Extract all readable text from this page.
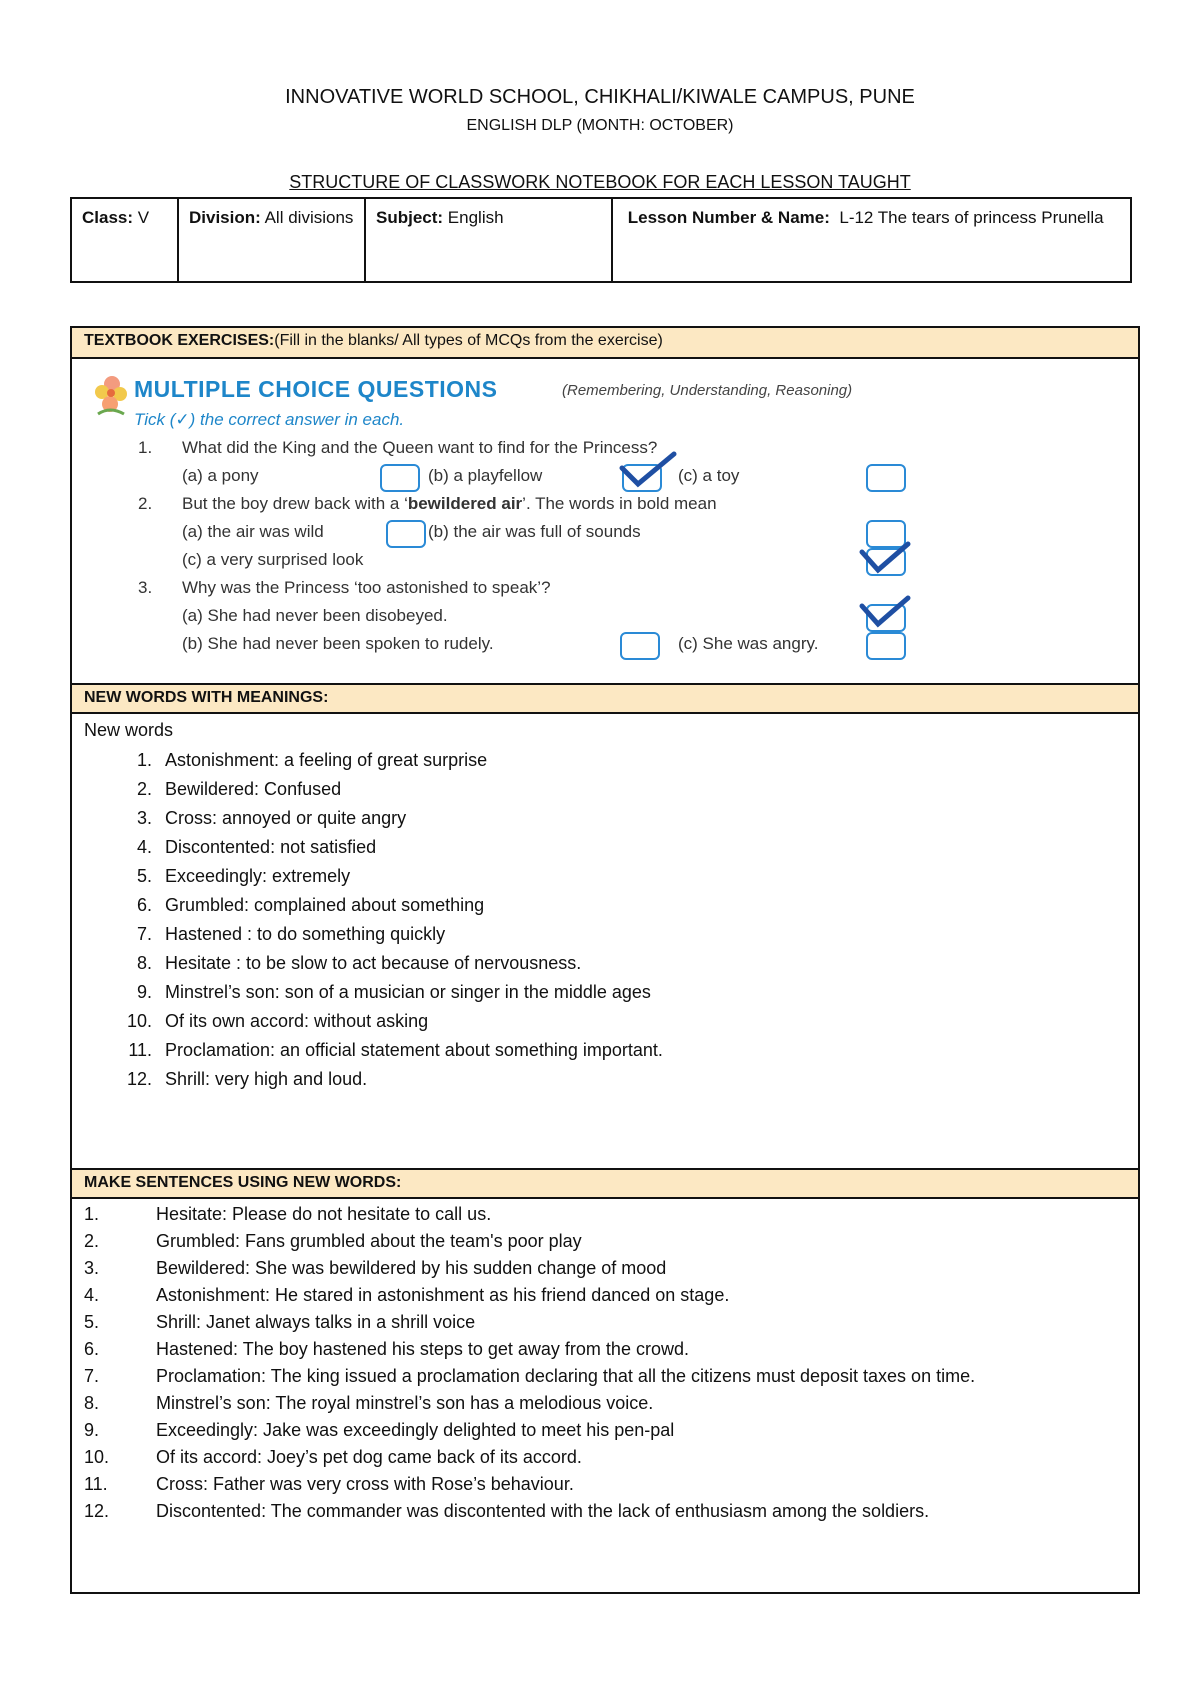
INNOVATIVE WORLD SCHOOL, CHIKHALI/KIWALE CAMPUS, PUNE
ENGLISH DLP (MONTH: OCTOBER)
STRUCTURE OF CLASSWORK NOTEBOOK FOR EACH LESSON TAUGHT
Class: V	Division: All divisions	Subject: English	Lesson Number & Name: L-12 The tears of princess Prunella
TEXTBOOK EXERCISES:(Fill in the blanks/ All types of MCQs from the exercise)
MULTIPLE CHOICE QUESTIONS	(Remembering, Understanding, Reasoning)
Tick (✓) the correct answer in each.
1. What did the King and the Queen want to find for the Princess?
(a) a pony	(b) a playfellow	(c) a toy
2. But the boy drew back with a ‘bewildered air’. The words in bold mean
(a) the air was wild	(b) the air was full of sounds
(c) a very surprised look
3. Why was the Princess ‘too astonished to speak’?
(a) She had never been disobeyed.
(b) She had never been spoken to rudely.	(c) She was angry.
NEW WORDS WITH MEANINGS:
New words
1. Astonishment: a feeling of great surprise
2. Bewildered: Confused
3. Cross: annoyed or quite angry
4. Discontented: not satisfied
5. Exceedingly: extremely
6. Grumbled: complained about something
7. Hastened : to do something quickly
8. Hesitate : to be slow to act because of nervousness.
9. Minstrel’s son: son of a musician or singer in the middle ages
10. Of its own accord: without asking
11. Proclamation: an official statement about something important.
12. Shrill: very high and loud.
MAKE SENTENCES USING NEW WORDS:
1.	Hesitate: Please do not hesitate to call us.
2.	Grumbled: Fans grumbled about the team's poor play
3.	Bewildered: She was bewildered by his sudden change of mood
4.	Astonishment: He stared in astonishment as his friend danced on stage.
5.	Shrill: Janet always talks in a shrill voice
6.	Hastened: The boy hastened his steps to get away from the crowd.
7.	Proclamation: The king issued a proclamation declaring that all the citizens must deposit taxes on time.
8.	Minstrel’s son: The royal minstrel’s son has a melodious voice.
9.	Exceedingly: Jake was exceedingly delighted to meet his pen-pal
10.	Of its accord: Joey’s pet dog came back of its accord.
11.	Cross: Father was very cross with Rose’s behaviour.
12.	Discontented: The commander was discontented with the lack of enthusiasm among the soldiers.
